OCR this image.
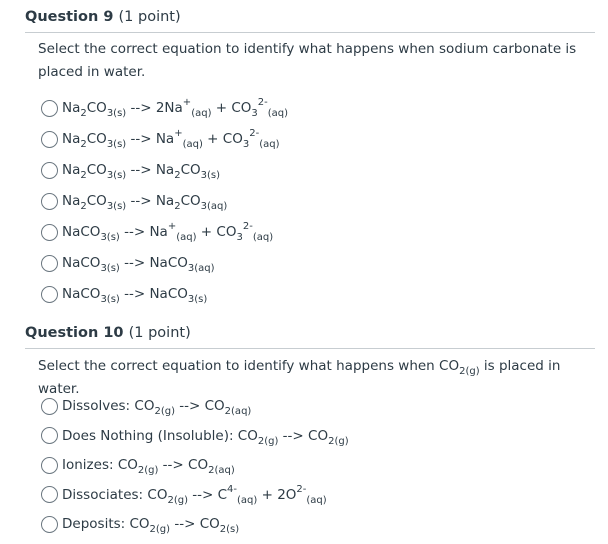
Question 9 (1 point)
Select the correct equation to identify what happens when sodium carbonate is placed in water.
$Na_2CO_{3(s)}$ --> $2Na^+_{(aq)} + CO_3^{2-}_{(aq)}$
$Na_2CO_{3(s)}$ --> $Na^+_{(aq)} + CO_3^{2-}_{(aq)}$
$Na_2CO_{3(s)}$ --> $Na_2CO_{3(s)}$
$Na_2CO_{3(s)}$ --> $Na_2CO_{3(aq)}$
NaCO$_{3(s)}$ --> $Na^+_{(aq)} + CO_3^{2-}_{(aq)}$
NaCO$_{3(s)}$ --> NaCO$_{3(aq)}$
NaCO$_{3(s)}$ --> NaCO$_{3(s)}$
Question 10 (1 point)
Select the correct equation to identify what happens when $CO_{2(g)}$ is placed in water.
Dissolves: $CO_{2(g)}$ --> $CO_{2(aq)}$
Does Nothing (Insoluble): $CO_{2(g)}$ --> $CO_{2(g)}$
Ionizes: $CO_{2(g)}$ --> $CO_{2(aq)}$
Dissociates: $CO_{2(g)}$ --> $C^{4-}_{(aq)} + 2O^{2-}_{(aq)}$
Deposits: $CO_{2(g)}$ --> $CO_{2(s)}$
